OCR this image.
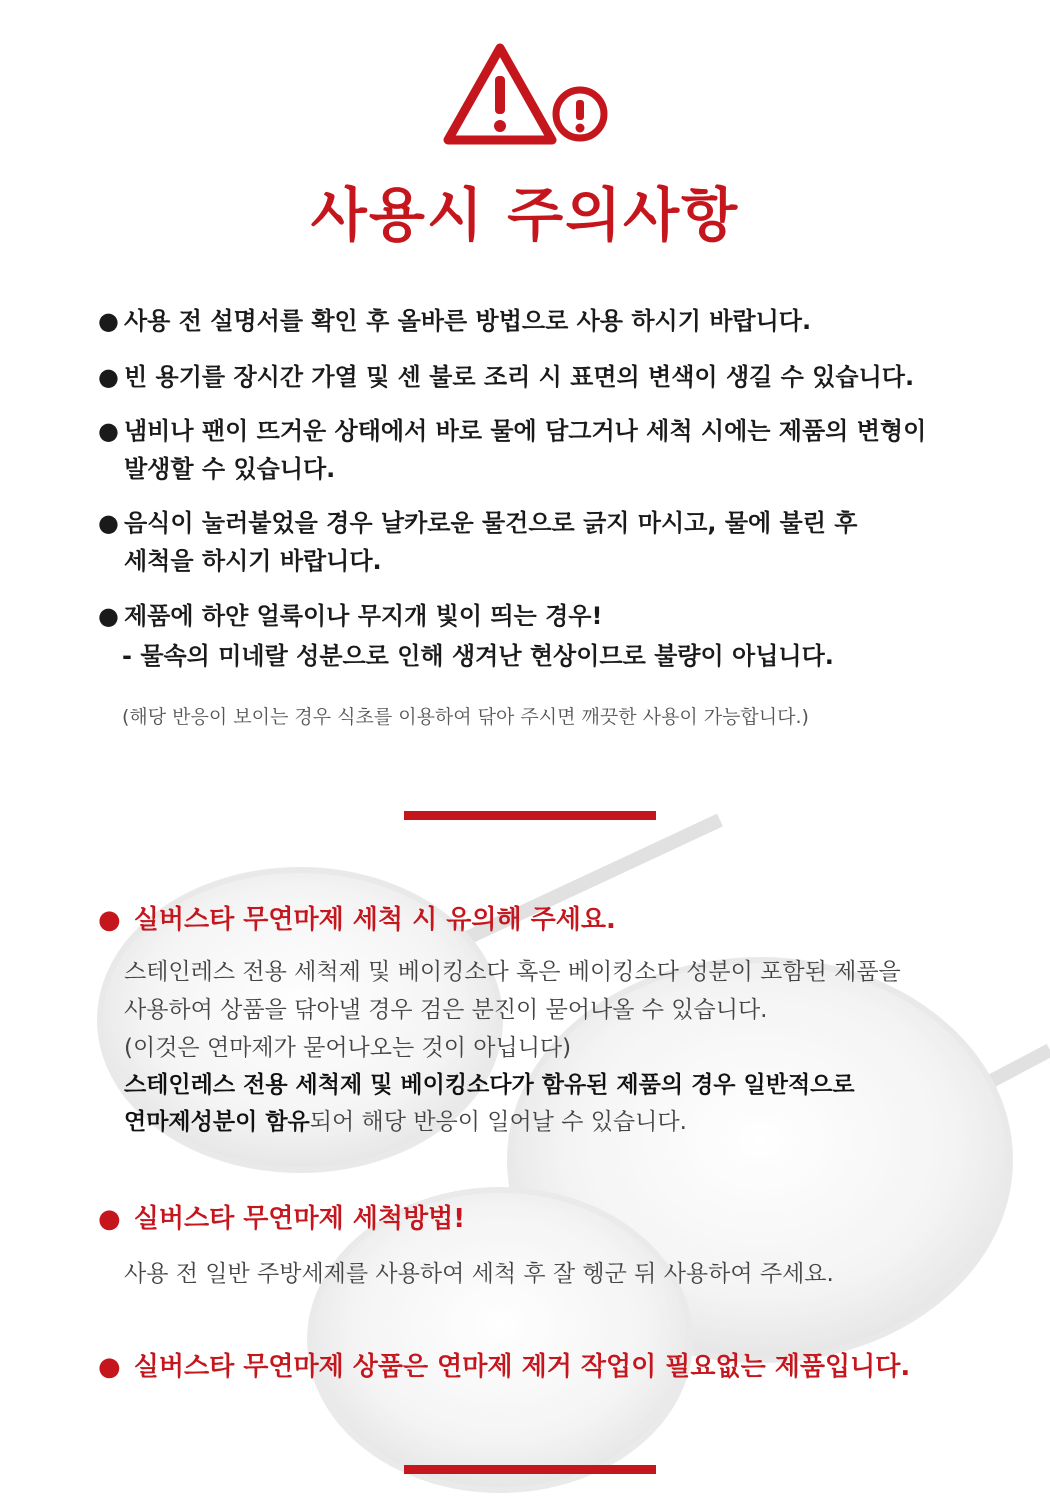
사용시 주의사항
● 사용 전 설명서를 확인 후 올바른 방법으로 사용 하시기 바랍니다.
● 빈 용기를 장시간 가열 및 센 불로 조리 시 표면의 변색이 생길 수 있습니다.
● 냄비나 팬이 뜨거운 상태에서 바로 물에 담그거나 세척 시에는 제품의 변형이
발생할 수 있습니다.
● 음식이 눌러붙었을 경우 날카로운 물건으로 긁지 마시고, 물에 불린 후
세척을 하시기 바랍니다.
● 제품에 하얀 얼룩이나 무지개 빛이 띄는 경우!
- 물속의 미네랄 성분으로 인해 생겨난 현상이므로 불량이 아닙니다.
(해당 반응이 보이는 경우 식초를 이용하여 닦아 주시면 깨끗한 사용이 가능합니다.)
● 실버스타 무연마제 세척 시 유의해 주세요.
스테인레스 전용 세척제 및 베이킹소다 혹은 베이킹소다 성분이 포함된 제품을
사용하여 상품을 닦아낼 경우 검은 분진이 묻어나올 수 있습니다.
(이것은 연마제가 묻어나오는 것이 아닙니다)
스테인레스 전용 세척제 및 베이킹소다가 함유된 제품의 경우 일반적으로
연마제성분이 함유되어 해당 반응이 일어날 수 있습니다.
● 실버스타 무연마제 세척방법!
사용 전 일반 주방세제를 사용하여 세척 후 잘 헹군 뒤 사용하여 주세요.
● 실버스타 무연마제 상품은 연마제 제거 작업이 필요없는 제품입니다.
